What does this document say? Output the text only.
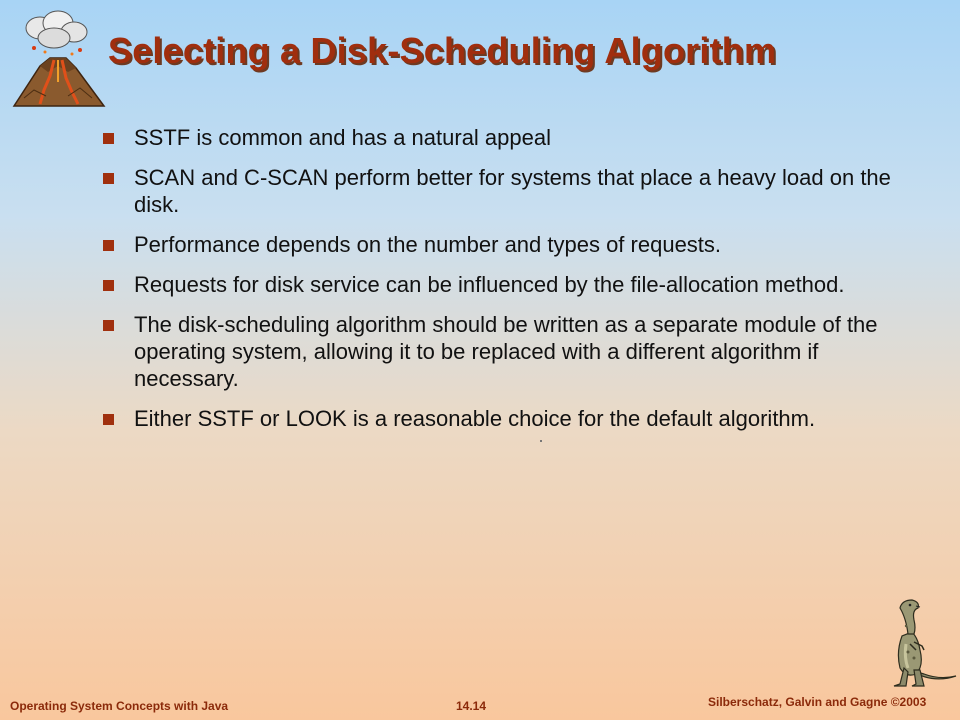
Selecting a Disk-Scheduling Algorithm
SSTF is common and has a natural appeal
SCAN and C-SCAN perform better for systems that place a heavy load on the disk.
Performance depends on the number and types of requests.
Requests for disk service can be influenced by the file-allocation method.
The disk-scheduling algorithm should be written as a separate module of the operating system, allowing it to be replaced with a different algorithm if necessary.
Either SSTF or LOOK is a reasonable choice for the default algorithm.
Operating System Concepts with Java	14.14	Silberschatz, Galvin and Gagne ©2003
